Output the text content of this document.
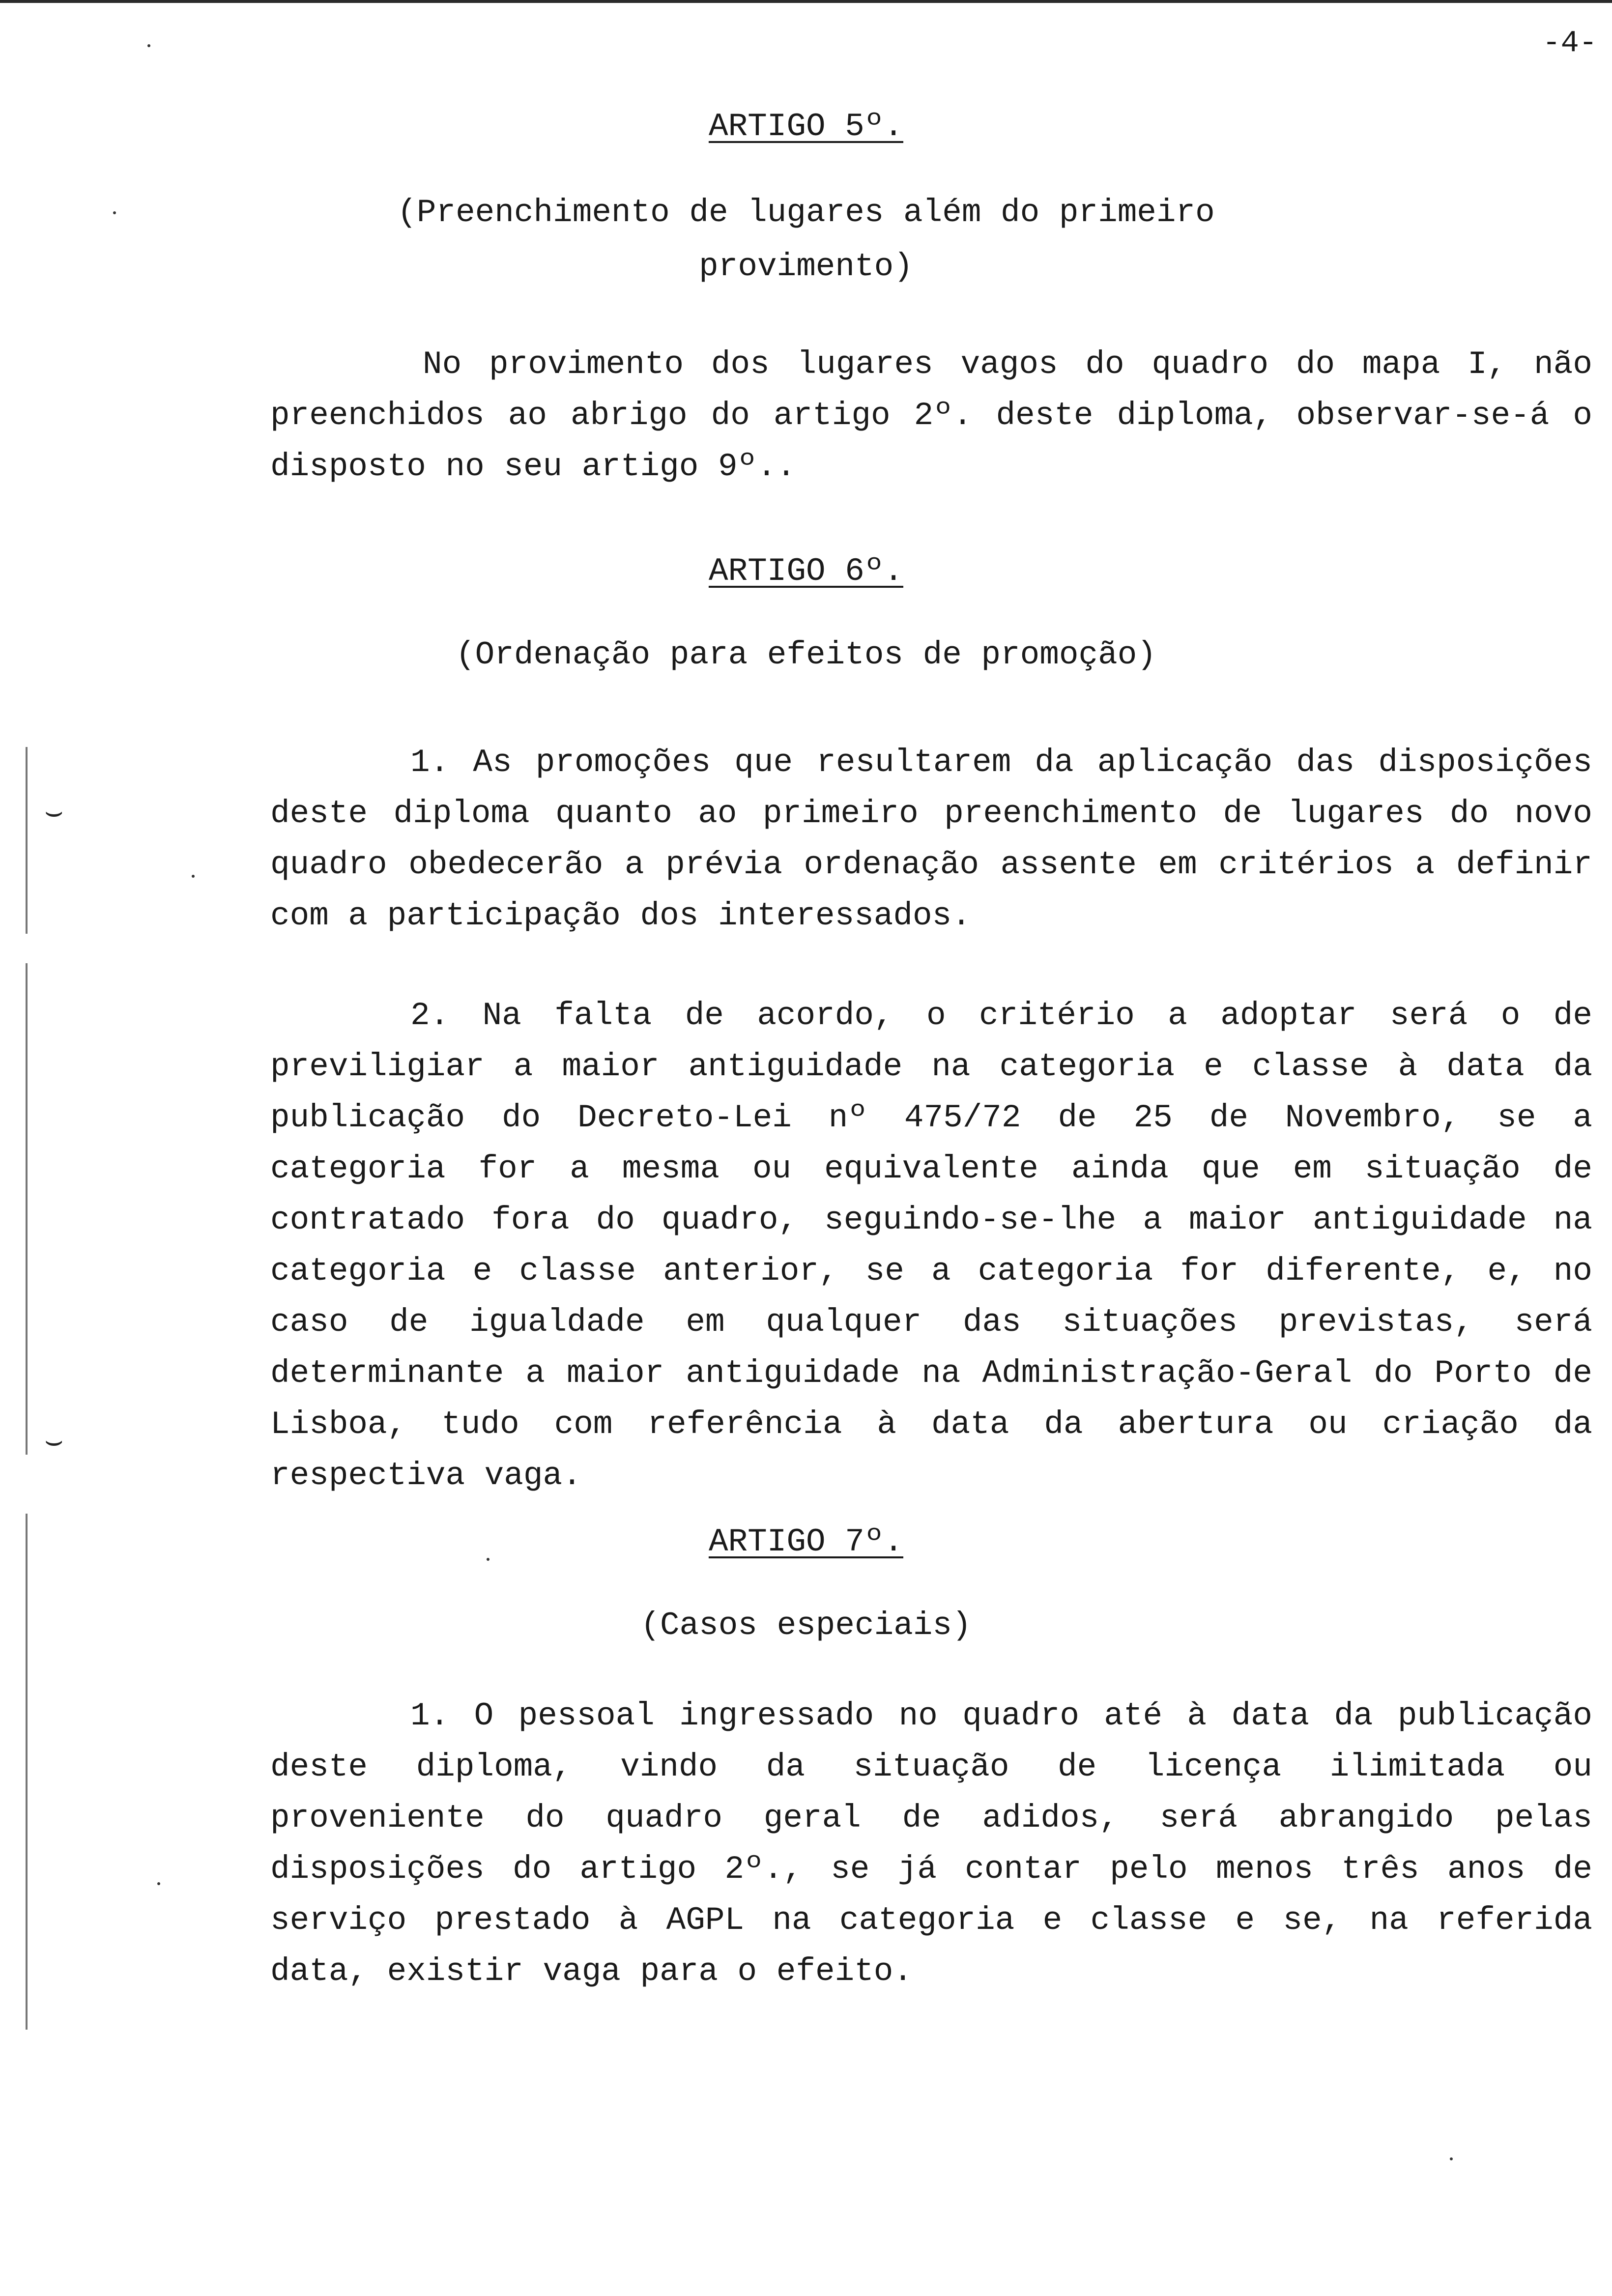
-4-
⌣
⌣
ARTIGO 5º.
(Preenchimento de lugares além do primeiro
provimento)
No provimento dos lugares vagos do quadro do mapa I, não preenchidos ao abrigo do artigo 2º. deste diploma, observar-se-á o disposto no seu artigo 9º..
ARTIGO 6º.
(Ordenação para efeitos de promoção)
1. As promoções que resultarem da aplicação das disposições deste diploma quanto ao primeiro preenchimento de lugares do novo quadro obedecerão a prévia ordenação assente em critérios a definir com a participação dos interessados.
2. Na falta de acordo, o critério a adoptar será o de previligiar a maior antiguidade na categoria e classe à data da publicação do Decreto-Lei nº 475/72 de 25 de Novembro, se a categoria for a mesma ou equivalente ainda que em situação de contratado fora do quadro, seguindo-se-lhe a maior antiguidade na categoria e classe anterior, se a categoria for diferente, e, no caso de igualdade em qualquer das situações previstas, será determinante a maior antiguidade na Administração-Geral do Porto de Lisboa, tudo com referência à data da abertura ou criação da respectiva vaga.
ARTIGO 7º.
(Casos especiais)
1. O pessoal ingressado no quadro até à data da publicação deste diploma, vindo da situação de licença ilimitada ou proveniente do quadro geral de adidos, será abrangido pelas disposições do artigo 2º., se já contar pelo menos três anos de serviço prestado à AGPL na categoria e classe e se, na referida data, existir vaga para o efeito.
